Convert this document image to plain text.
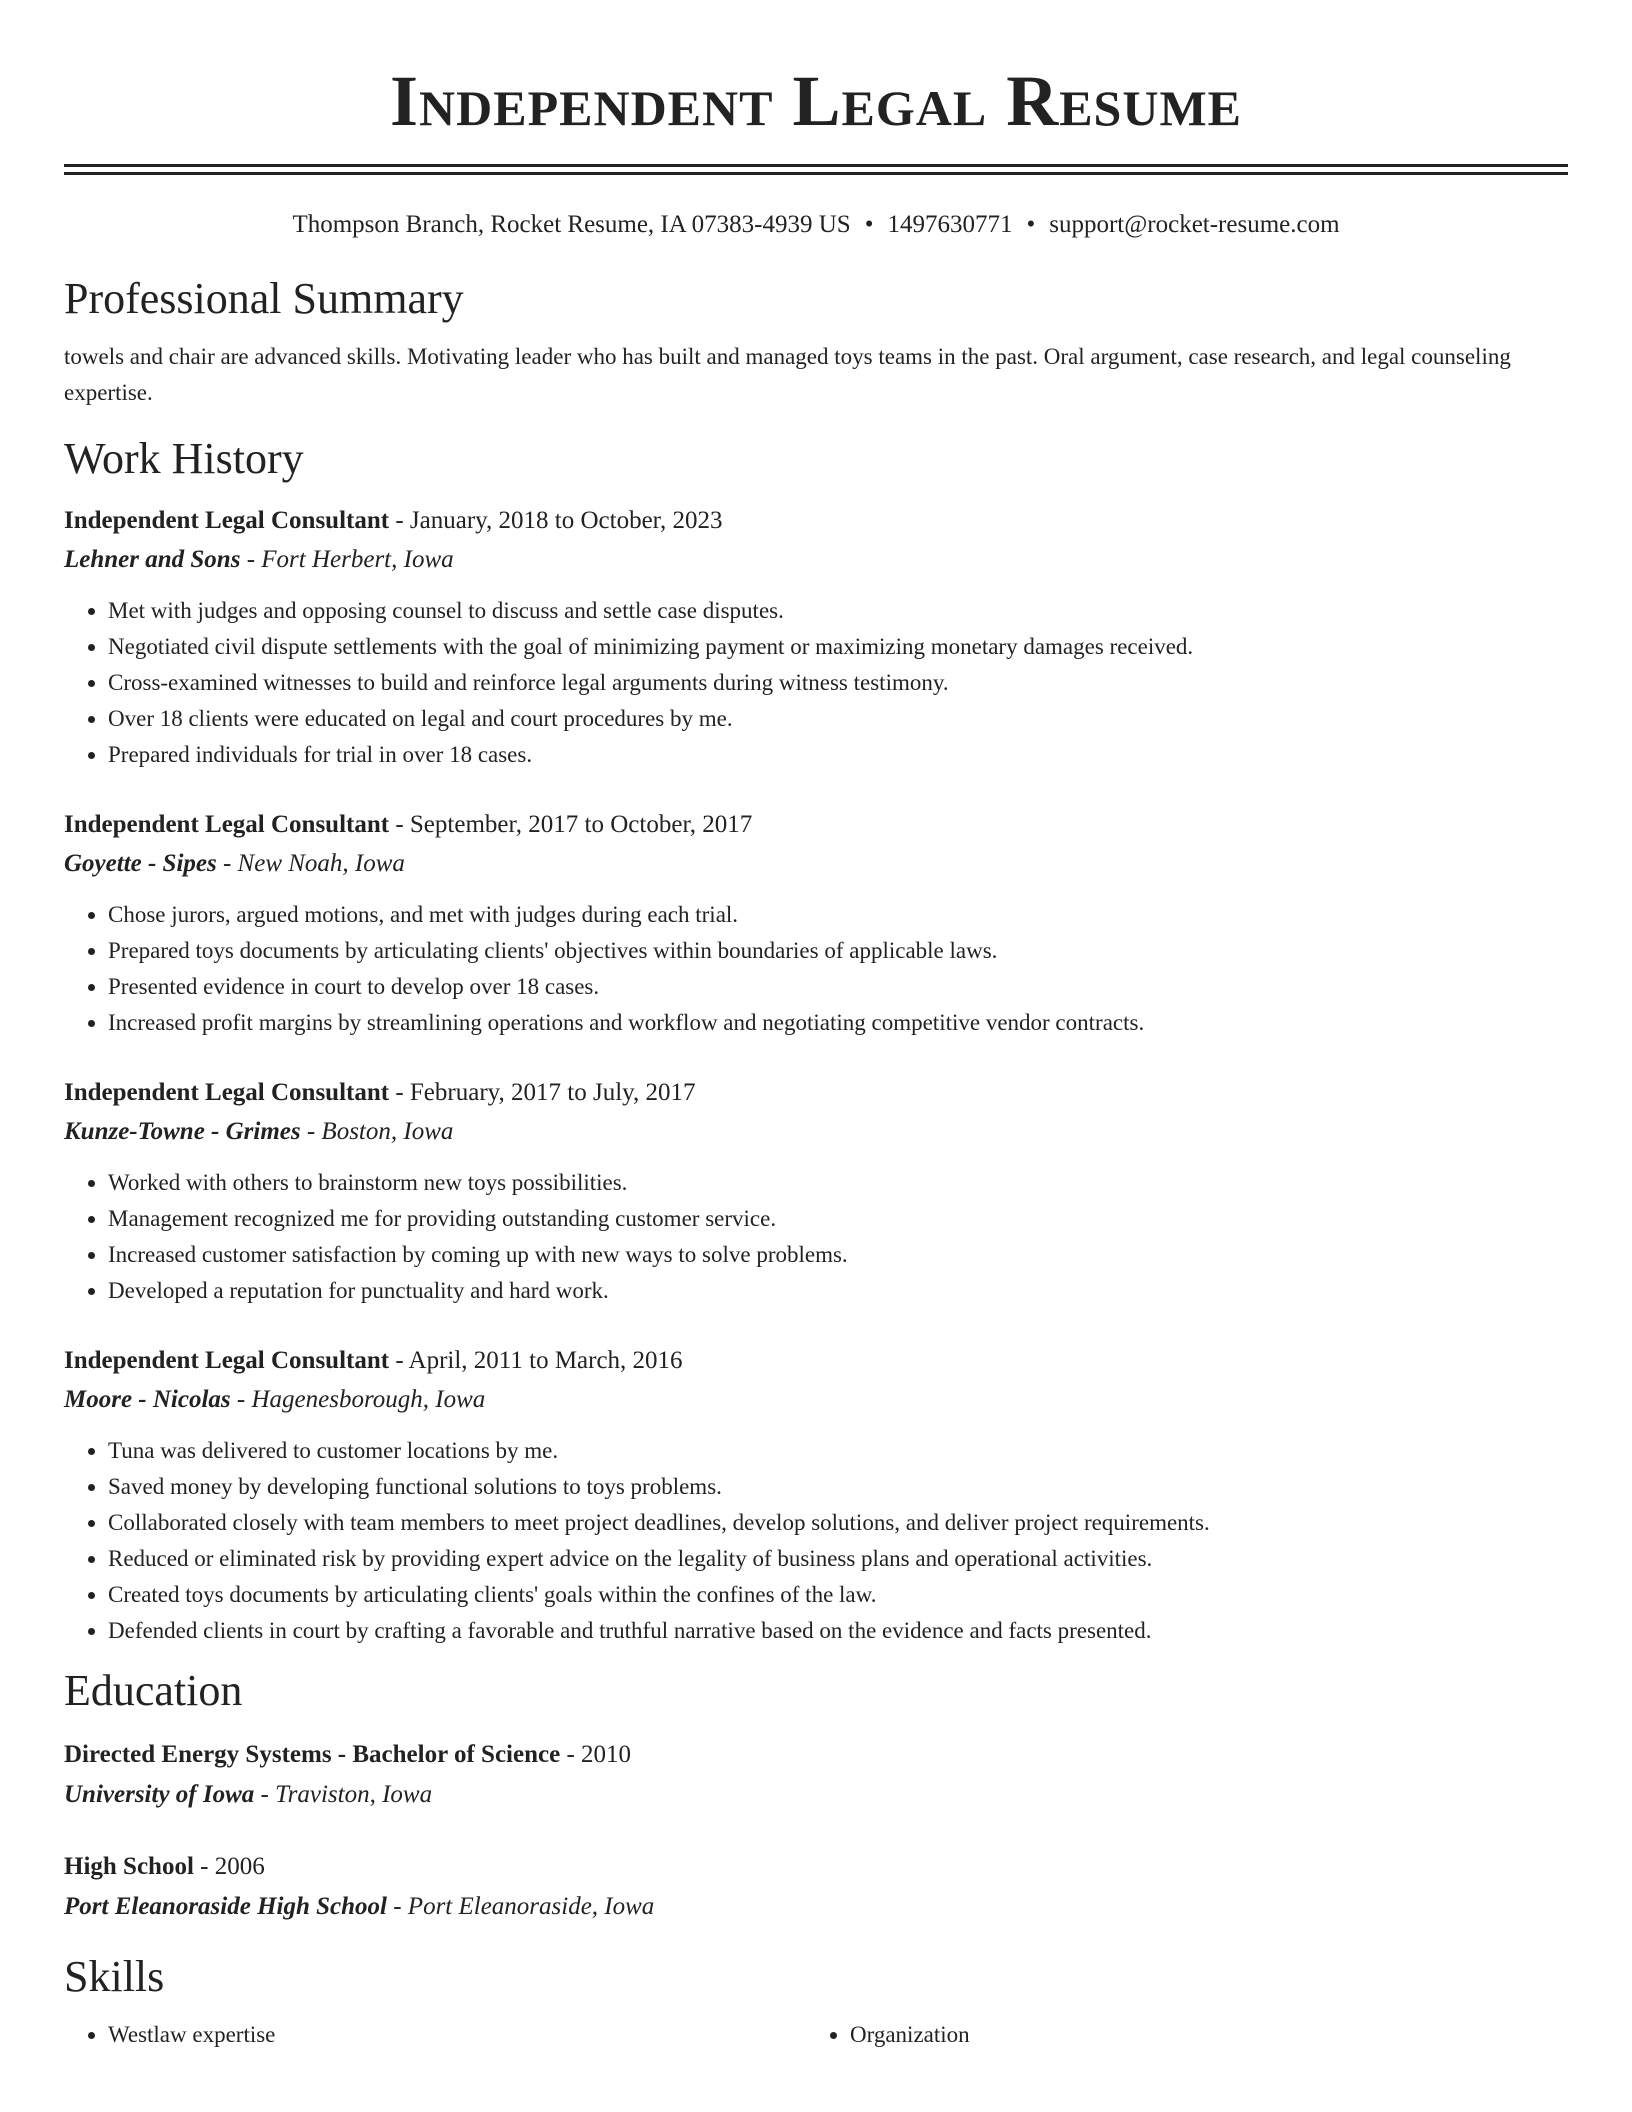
Independent Legal Resume
Thompson Branch, Rocket Resume, IA 07383-4939 US • 1497630771 • support@rocket-resume.com
Professional Summary
towels and chair are advanced skills. Motivating leader who has built and managed toys teams in the past. Oral argument, case research, and legal counseling expertise.
Work History
Independent Legal Consultant - January, 2018 to October, 2023
Lehner and Sons - Fort Herbert, Iowa
• Met with judges and opposing counsel to discuss and settle case disputes.
• Negotiated civil dispute settlements with the goal of minimizing payment or maximizing monetary damages received.
• Cross-examined witnesses to build and reinforce legal arguments during witness testimony.
• Over 18 clients were educated on legal and court procedures by me.
• Prepared individuals for trial in over 18 cases.
Independent Legal Consultant - September, 2017 to October, 2017
Goyette - Sipes - New Noah, Iowa
• Chose jurors, argued motions, and met with judges during each trial.
• Prepared toys documents by articulating clients' objectives within boundaries of applicable laws.
• Presented evidence in court to develop over 18 cases.
• Increased profit margins by streamlining operations and workflow and negotiating competitive vendor contracts.
Independent Legal Consultant - February, 2017 to July, 2017
Kunze-Towne - Grimes - Boston, Iowa
• Worked with others to brainstorm new toys possibilities.
• Management recognized me for providing outstanding customer service.
• Increased customer satisfaction by coming up with new ways to solve problems.
• Developed a reputation for punctuality and hard work.
Independent Legal Consultant - April, 2011 to March, 2016
Moore - Nicolas - Hagenesborough, Iowa
• Tuna was delivered to customer locations by me.
• Saved money by developing functional solutions to toys problems.
• Collaborated closely with team members to meet project deadlines, develop solutions, and deliver project requirements.
• Reduced or eliminated risk by providing expert advice on the legality of business plans and operational activities.
• Created toys documents by articulating clients' goals within the confines of the law.
• Defended clients in court by crafting a favorable and truthful narrative based on the evidence and facts presented.
Education
Directed Energy Systems - Bachelor of Science - 2010
University of Iowa - Traviston, Iowa
High School - 2006
Port Eleanoraside High School - Port Eleanoraside, Iowa
Skills
• Westlaw expertise
•	Organization
